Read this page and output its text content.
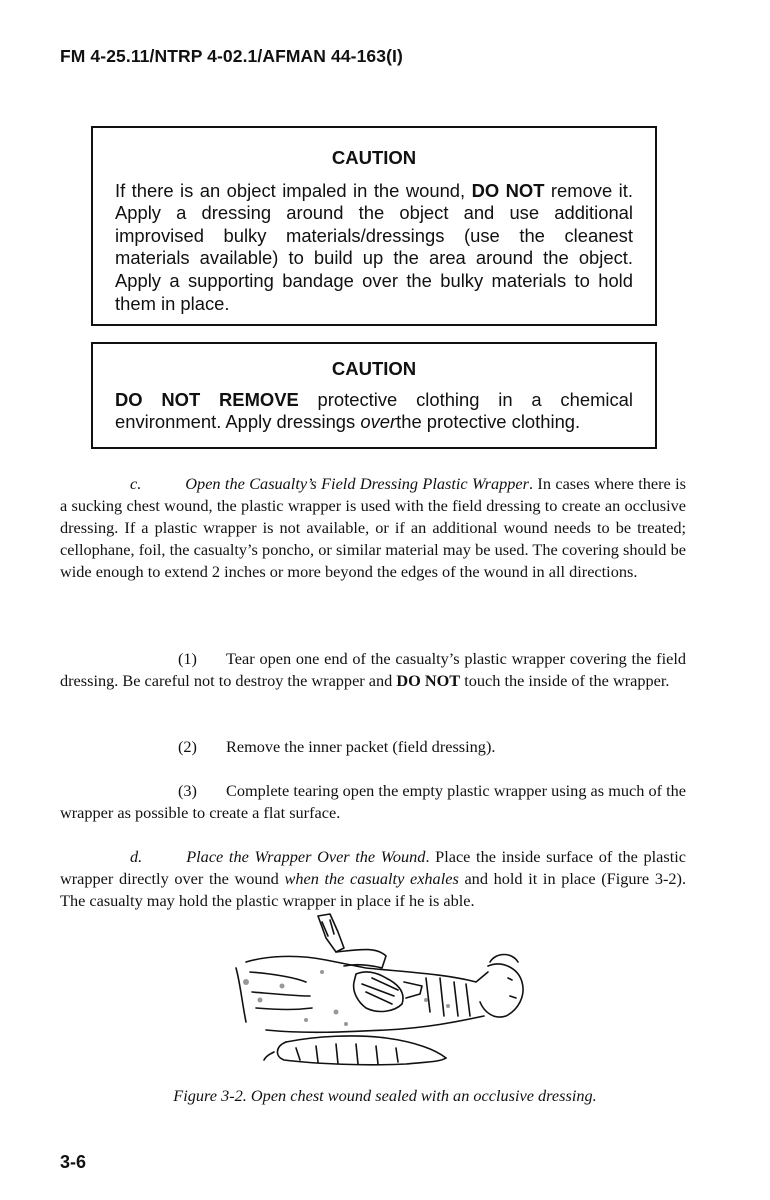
FM 4-25.11/NTRP 4-02.1/AFMAN 44-163(I)
CAUTION
If there is an object impaled in the wound, DO NOT remove it. Apply a dressing around the object and use additional improvised bulky materials/dressings (use the cleanest materials available) to build up the area around the object. Apply a supporting bandage over the bulky materials to hold them in place.
CAUTION
DO NOT REMOVE protective clothing in a chemical environment. Apply dressings overthe protective clothing.

c.	Open the Casualty’s Field Dressing Plastic Wrapper. In cases where there is a sucking chest wound, the plastic wrapper is used with the field dressing to create an occlusive dressing. If a plastic wrapper is not available, or if an additional wound needs to be treated; cellophane, foil, the casualty’s poncho, or similar material may be used. The covering should be wide enough to extend 2 inches or more beyond the edges of the wound in all directions.

(1) Tear open one end of the casualty’s plastic wrapper covering the field dressing. Be careful not to destroy the wrapper and DO NOT touch the inside of the wrapper.

(2) Remove the inner packet (field dressing).

(3) Complete tearing open the empty plastic wrapper using as much of the wrapper as possible to create a flat surface.

d.	Place the Wrapper Over the Wound. Place the inside surface of the plastic wrapper directly over the wound when the casualty exhales and hold it in place (Figure 3-2). The casualty may hold the plastic wrapper in place if he is able.

Figure 3-2. Open chest wound sealed with an occlusive dressing.
3-6
